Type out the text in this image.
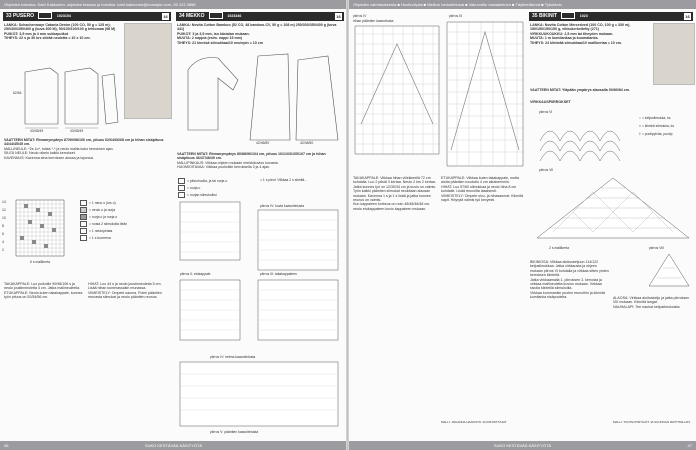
Ohjeiden toteutus: Katri Kakkonen, ohjeiden testaus ja toimitus: katri.kakkonen@example.com, 05 123 3898
33 PUSERO	1023154	16
LANKA: Schachenmayr Catania Denim (100 CO, 50 g = 125 m); 250/300/350/400 g (kuva 300 M), 50/100/100/100 g tehtomaa (98 M)
PUIKOT: 3,5 mm ja 4 mm sukkapuikot
TIHEYS: 22 s ja 30 krs sileää neuletta = 10 x 10 cm.
62/64
43/45/49	43/45/49
VAATTEEN MITAT: Rinnanympärys 87/90/98/106 cm, pituus 62/64/66/68 cm ja hihan sisäpituus 44/44/45/45 cm.
MALLINEULE: *2s 1o*, toista *-* ja neulo mallia koko kerroksen ajan.
SILEÄ NEULE: Neulo oikein kaikki kerrokset.
KAVENNUS: Kavenna aina kerroksen alussa ja lopussa.
14
12
10
8
6
4
2
6 s mallikerta
= 1 neuo o (krs o)
= neulo o ja nurja
= nurja o ja nurja o
= nosta 2 silmukoita ileän
= 1 neulopintaa
= 1 s tuoreena
TAKAKAPPALE: Luo puikoille 90/98/106 s ja neulo joustinneuletta 4 cm. Jatka mallineuleella.
ETUKAPPALE: Neulo kuten takakappale, kunnes työn pituus on 52/54/56 cm.
HIHAT: Luo 44 s ja neulo joustinneuletta 5 cm. Lisää hihan kummassakin reunassa.
VIIMEISTELY: Ompele sauma. Poimi pääntien reunasta silmukat ja neulo pääntien reunus.
34 MEKKO	1023346	16
LANKA: Novita Cotton Bamboo (52 CO, 48 bamboo-CV, 50 g = 108 m) 250/300/350/400 g (kuva 441)
PUIKOT: 3 ja 3,5 mm, iso käsialan mukaan.
MUUTA: 2 nappia (esim. nappi 15 mm)
TIHEYS: 21 kinnisä silmukkaa/10 neulepin = 10 cm
42/46/50	42/46/50
VAATTEEN MITAT: Rinnanympärys 80/88/96/104 cm, pituus 101/103/105/107 cm ja hihan sisäpituus 46/47/48/49 cm.
MALLIPINKAUS: Viikkaa ohjeen mukaan merkkikuvion kuvasta.
HUOMIOITAVAA: Viikkaa puolivälin kerroksella 3 ja 4 ajan.
= pitsiohuolla, ja tai nurja o
= nurja o
= nurjan silmukoiksi
= 1 s pieni: Viikkaa 2 s silmitä...
piirros IV: kuvia kaavoitetusta
piirros II: etukappale	piirros III: takakappaleen
piirros IV: helma kaavoitetusta
piirros V: pääntien kaavoitetusta
SUKO KESTÄVÄÄ KÄSITYÖTÄ
46
Ohjeiden valmistuksesta ■ Huolto/Apila ■ Meikun herkuttelusta ■ Vakuvoittu vastaaminen ■ Täytteellisenä ■ Tykohtelu
piirros IV
hihan pääntien kaavoitusta
piirros III
TAKAKAPPALE: Viikkaa hihan viilekkeellä 72 cm kohdalla. Luo 2 pitsiä 3 kertaa. Neulo 2 krs 2 kertaa. Jatka kunnes työ on 12/30/34 cm ja kuvio on valmis.
Työn kaikki pääntien silmukat neulotaan alaosan mukaan. Kavenna 1 s ja 1 s lisää ja jatka kunnes reunus on valmis.
Kun kappaleen korkeus on noin 48/48/48/48 cm, neulo etukappaleen kuvio kappaleen mukaan.
ETUKAPPALE: Viikkaa kuten takakappale, mutta aloita pääntien muotoilu 4 cm aikaisemmin.
HIHAT: Luo 57/60 silmukkaa ja neulo hiha 8 cm kohdalle. Lisää reunoilta tasaisesti.
VIIMEISTELY: Ompele sivu- ja hihasaumat. Kiinnitä napit. Höyrytä valmis työ kevyesti.
MALLI: JOHANNA HAAVISTO JA KIRJOITTAJAT
35 BIKINIT	1023	16
LANKA: Novita Cotton Mercerized (100 CO, 100 g = 330 m), 150/150/150/150 g, vihkokerkeitetty (271)
VIRKKUUKOUKKU: 2,5 mm tai tiheyden mukaan.
MUUTA: 1 m kumilankaa ja kuumalanka.
TIHEYS: 24 kiinteää silmukkaa/10 mallikertaa = 10 cm.
VAATTEEN MITAT: Yläpään ympärys alaosalla 90/80/84 cm.
VIRKKAUSPIIRROKSET
piirros VI
○ = ketjusilmukka, ks
× = kiinteä silmukka, ks
† = puolipylväs, puolip
piirros VII
piirros VIII
2 s mallikerta
BIKINIOSA: Viikkaa aloitusketjuun 114/122 ketjusilmukkaa. Jatka virkkausta ja ohjeen mukaan piirros VI kohdalla ja virkkaa sitten yhden kerroksen kiinteitä.
Jatka virkkaamalla 1. piirroksen 3. kerrosta ja virkkaa mallineuletta kuvion mukaan. Virkkaa sivulla kiinteillä silmukoilla.
Virkkaa kummankin puolen reunoihin ja kiinnitä kumilanka sisäpuolelta.	ALAOSA: Virkkaa aloitusketju ja jatka piirroksen VIII mukaan. Kiinnitä langat.
NAUHALAPI: Tee nauhat ketjusilmukoista.
MALLI: TUOTE PIIRTÄJÄT JA SUUNNAN MATTITELIJAT
SUKO KESTÄVÄÄ KÄSITYÖTÄ	47
